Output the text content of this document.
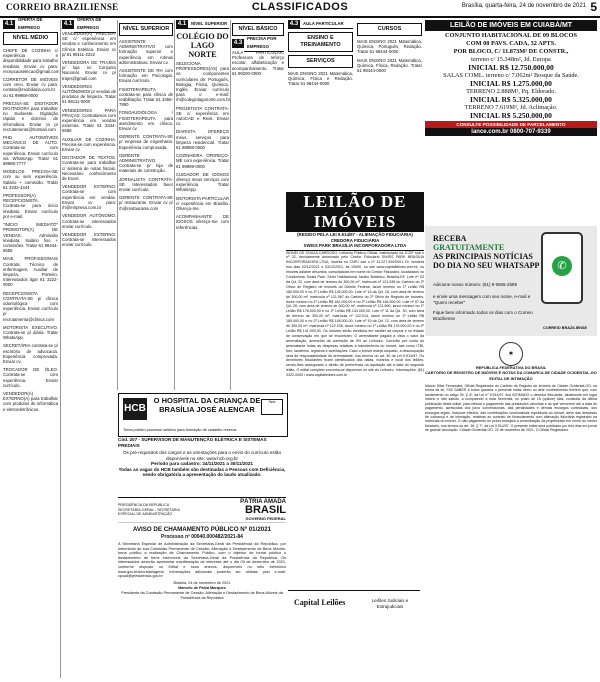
CORREIO BRAZILIENSE	CLASSIFICADOS	Brasília, quarta-feira, 24 de novembro de 2021 5
4.1
OFERTA DE EMPREGO
NÍVEL MÉDIO

CHEFE DE COZINHA c/ experiência e disponibilidade para trabalho imediato. Enviar cv para: recepcaoselecao@gmail.com

CORRETOR DE IMÓVEIS com creci. Enviar cv para: contato@imobiliaria.com.br ou 61 99988-0000

PRECISA-SE DIGITADOR DIGITADORA para trabalhar no Sudoeste. Digitação rápida e domínio de informática. Enviar cv p/ recrutamento@hotmail.com

PHD AUTOMÓVEIS MECÂNICO DE AUTO. Contrata-se com experiência. Enviar currículo via WhatsApp. Tratar 61 99888-7777

MODELOS PRECISA-SE com ou sem experiência. Salário + comissão. Tratar 61 3333-4444

PROFESSOR(A) RECEPCIONISTA. Contrata-se para início imediato. Enviar currículo por e-mail.

"INÍCIO IMEDIATO" PROMOTOR(A) DE VENDAS. Admissão imediata. Salário fixo + comissões. Tratar 61 98444-5555

MAIS PROFISSIONAIS Contrata: Técnico de enfermagem, Auxiliar de limpeza, Porteiro. Interessados ligar 61 3222-0000

RECEPCIONISTA CONTRATA-SE p/ clínica odontológica com experiência. Enviar currículo p/ recrutamento@clinica.com

MOTORISTA EXECUTIVO. Contrata-se p/ diária. Tratar WhatsApp.

SECRETÁRIA contrata-se p/ escritório de advocacia. Experiência comprovada. Enviar cv.

TROCADOR DE ÓLEO. Contrata-se com experiência. Enviar currículo.

VENDEDOR(A) EXTERNO(A) para trabalhar com produtos de informática e eletroeletrônicos.

4.1
OFERTA DE EMPREGO

VENDEDOR(A) PRECISA-SE c/ experiência em vendas e conhecimento em Clínica Estética. Enviar cv p/ 61 99111-2222

VENDEDORA DE TRAJES p/ loja no Conjunto Nacional. Enviar cv p/ trajes@gmail.com

VENDEDORES AUTÔNOMOS p/ vendas de produtos de limpeza. Tratar 61 98111-0000

VENDEDORES PARA PRAÇAS. Contratamos com experiência em vendas externas. Tratar 61 3344-5566

AUXILIAR DE COZINHA. Precisa-se com experiência. Enviar cv.

DIGITADOR DE TEXTOS. Contrata-se para trabalhar c/ sistema de notas fiscais. Necessário conhecimento de Excel.

VENDEDOR EXTERNO. Contrata-se com experiência em vendas. Enviar cv para: rh@empresa.com.br

VENDEDOR AUTÔNOMO. Contrata-se interessados enviar currículo.

VENDEDOR EXTERNO. Contrata-se interessados enviar currículo.

NÍVEL SUPERIOR

ASSISTENTE ADMINISTRATIVO com formação superior e experiência em rotinas administrativas. Enviar cv.

ASSISTENTE DE RH com formação em Psicologia. Enviar currículo.

FISIOTERAPEUTA contrata-se para clínica de reabilitação. Tratar 61 3456-7890

FONOAUDIÓLOGA / FISIOTERAPEUTA para atendimento em clínica. Enviar cv.

GERENTE CONTRATA-SE p/ empresa de engenharia. Experiência comprovada.

GERENTE ADMINISTRATIVO. Contrata-se p/ loja de materiais de construção.

JORNALISTA CONTRATA-SE. Interessados favor enviar currículo.

GERENTE CONTRATA-SE p/ restaurante. Enviar cv p/ rh@restaurante.com

4.1	NÍVEL SUPERIOR
COLÉGIO DO LAGO NORTE

SELECIONA PROFESSORES(AS) para os componentes curriculares de: Português, Biologia, Física, Química, Inglês. Enviar currículo para o e-mail: rh@colegiolagonorte.com.br

PROJETISTA CONTRATA-SE c/ experiência em AutoCAD e Revit. Enviar cv.

DIARISTA OFEREÇO meus serviços para limpeza residencial. Tratar 61 98888-0000

COZINHEIRA OFEREÇO-ME com experiência. Tratar 61 99999-0000

CUIDADOR DE IDOSOS ofereço meus serviços com experiência. Tratar WhatsApp.

MOTORISTA PARTICULAR c/ experiência em Brasília. Ofereço-me.

ACOMPANHANTE DE IDOSOS ofereço-me com referências.

NÍVEL BÁSICO
4.3
PRECISA POR EMPREGO

AULA PARTICULAR. Professora de reforço escolar, alfabetização e acompanhamento. Tratar 61 99200-0000

4.3	AULA PARTICULAR
ENSINO E TREINAMENTO
SERVIÇOS

MAIS ENSINO 2021 Matemática, Química, Física e Redação. Tratar 61 98444-0000

CURSOS

MAIS ENSINO 2021 Matemática, Química, Português, Redação. Tratar 61 98444-0000

MAIS ENSINO 2021 Matemática, Química, Física, Redação. Tratar 61 98444-0000

LEILÃO DE IMÓVEIS
(REGIDO PELA LEI 9.514/97 - ALIENAÇÃO FIDUCIÁRIA)
CREDORA FIDUCIÁRIA
SWISS PARK BRASÍLIA INCORPORADORA LTDA
SIDNEI DE SOUZA CARDOSO, Leiloeiro Público Oficial, matriculado na JCDF sob o nº 32, devidamente autorizado pelo Credor Fiduciário SWISS PARK BRASÍLIA INCORPORADORA LTDA, inscrita no CNPJ sob o nº 13.227.520/0001-19, venderá nos dias 02/12/2021 e 03/12/2021, às 10h00, no site www.capitalleiloes.com.br, os imóveis adiante descritos, consolidados em nome do Credor Fiduciário, localizados no Condomínio Swiss Park, Setor Habitacional Jardim Botânico, Brasília-DF. Lote nº 03 da Qd. 22, com área de terreno de 300,00 m², matrícula nº 121.345 do Cartório do 2º Ofício de Registro de Imóveis do Distrito Federal, lance mínimo no 1º Leilão R$ 180.000,00 e no 2º Leilão R$ 145.000,00. Lote nº 15 da Qd. 18, com área de terreno de 300,00 m², matrícula nº 121.567 do Cartório do 2º Ofício de Registro de Imóveis, lance mínimo no 1º Leilão R$ 182.000,00 e no 2º Leilão R$ 146.000,00. Lote nº 07 da Qd. 26, com área de terreno de 300,00 m², matrícula nº 121.890, lance mínimo no 1º Leilão R$ 178.000,00 e no 2º Leilão R$ 143.000,00. Lote nº 11 da Qd. 30, com área de terreno de 300,00 m², matrícula nº 122.014, lance mínimo no 1º Leilão R$ 185.000,00 e no 2º Leilão R$ 148.000,00. Lote nº 19 da Qd. 12, com área de terreno de 300,00 m², matrícula nº 122.236, lance mínimo no 1º Leilão R$ 176.000,00 e no 2º Leilão R$ 141.000,00. Os imóveis serão vendidos em caráter ad corpus e no estado de conservação em que se encontram. O arrematante pagará à vista o valor da arrematação, acrescido da comissão de 5% ao Leiloeiro. Correrão por conta do arrematante todas as despesas relativas à transferência do imóvel, tais como ITBI, foro, laudêmio, registros e averbações. Caso o imóvel esteja ocupado, a desocupação será de responsabilidade do arrematante, nos termos do art. 30 da Lei 9.514/97. Os devedores fiduciantes ficam cientificados das datas, horários e local dos leilões, sendo-lhes assegurado o direito de preferência na aquisição até a data do segundo leilão. O edital completo encontra-se disponível no site do Leiloeiro. Informações: (61) 3322-0000 / www.capitalleiloes.com.br
HCB
O HOSPITAL DA CRIANÇA DE BRASÍLIA JOSÉ ALENCAR
Selo
Torna público processo seletivo para formação de cadastro reserva.
Cód. 207 - SUPERVISOR DE MANUTENÇÃO ELÉTRICA E SISTEMAS PREDIAIS
Os pré-requisitos dos cargos e as orientações para o envio do currículo estão disponíveis no site: www.hcb.org.br
Período para cadastro: 24/11/2021 a 30/11/2021
Todas as vagas do HCB também são destinadas a Pessoas com Deficiência, sendo obrigatória a apresentação do laudo atualizado.
PRESIDÊNCIA DA REPÚBLICA SECRETARIA-GERAL - SECRETARIA ESPECIAL DE ADMINISTRAÇÃO
PÁTRIA AMADA
BRASIL
GOVERNO FEDERAL
AVISO DE CHAMAMENTO PÚBLICO Nº 01/2021
Processo nº 00040.000482/2021-84
A Secretaria Especial de Administração da Secretaria-Geral da Presidência da República, por intermédio de sua Comissão Permanente de Cessão, Alienação e Desfazimento de Bens Móveis, torna público a realização de Chamamento Público, com o objetivo de tornar público o desfazimento de bens inservíveis da Secretaria-Geral da Presidência da República. Os interessados deverão apresentar manifestação de interesse até o dia 09 de dezembro de 2021, conforme disposto no Edital e seus anexos, disponíveis no sítio eletrônico www.gov.br/secretariageral. Informações adicionais poderão ser obtidas pelo e-mail: cpcad@presidencia.gov.br
Brasília, 24 de novembro de 2021
Marcelo de Paiva Marques
Presidente da Comissão Permanente de Cessão, Alienação e Desfazimento de Bens Móveis da Presidência da República
Capital Leilões	Leilões Judiciais e Extrajudiciais
LEILÃO DE IMÓVEIS EM CUIABÁ/MT
CONJUNTO HABITACIONAL DE 09 BLOCOS
COM 08 PAVS. CADA, 32 APTS.
POR BLOCO, C/ 11.873M² DE CONSTR.,
terreno c/ 15.348m², Jd. Europa
INICIAL R$ 12.750.000,00
SALAS COML. terreno c/ 7.062m² Bosque da Saúde.
INICIAL R$ 1.275.000,00
TERRENO 2.888M², Pq. Eldorado.
INICIAL R$ 5.325.000,00
TERRENO 7.619M², Jd. Aclimação.
INICIAL R$ 5.250.000,00
CONSULTE POSSIBILIDADE DE PARCELAMENTO
lance.com.br 0800-707-9339
RECEBA
GRATUITAMENTE
AS PRINCIPAIS NOTÍCIAS DO DIA NO SEU WHATSAPP	✆
Adicione nosso número: (61) 9 9555-2589
e envie uma mensagem com seu nome, e-mail e "Quero receber"
Fique bem informado todos os dias com o Correio Braziliense
CORREIO BRAZILIENSE
✶
REPÚBLICA FEDERATIVA DO BRASIL
CARTÓRIO DE REGISTRO DE IMÓVEIS E NOTAS DA COMARCA DE CIDADE OCIDENTAL-GO
EDITAL DE INTIMAÇÃO
Márcio Silva Fernandes, Oficial Registrador do Cartório de Registro de Imóveis de Cidade Ocidental-GO, na forma da lei, FAZ SABER a todos quantos o presente edital virem ou dele conhecimento tiverem que, com fundamento no artigo 26, § 4º, da Lei nº 9.514/97, fica INTIMADO o devedor fiduciante, atualmente em lugar incerto e não sabido, a comparecer a esta Serventia, no prazo de 15 (quinze) dias, contados da última publicação deste edital, para efetuar o pagamento das prestações vencidas e as que vencerem até a data do pagamento, acrescidas dos juros convencionais, das penalidades e demais encargos contratuais, dos encargos legais, inclusive tributos, das contribuições condominiais imputáveis ao imóvel, além das despesas de cobrança e de intimação, relativas ao contrato de financiamento com alienação fiduciária registrado na matrícula do imóvel. O não pagamento no prazo ensejará a consolidação da propriedade em nome do credor fiduciário, nos termos do art. 26, § 7º, da Lei 9.514/97. O presente edital será publicado por três dias em jornal de grande circulação. Cidade Ocidental-GO, 22 de novembro de 2021. O Oficial Registrador.
